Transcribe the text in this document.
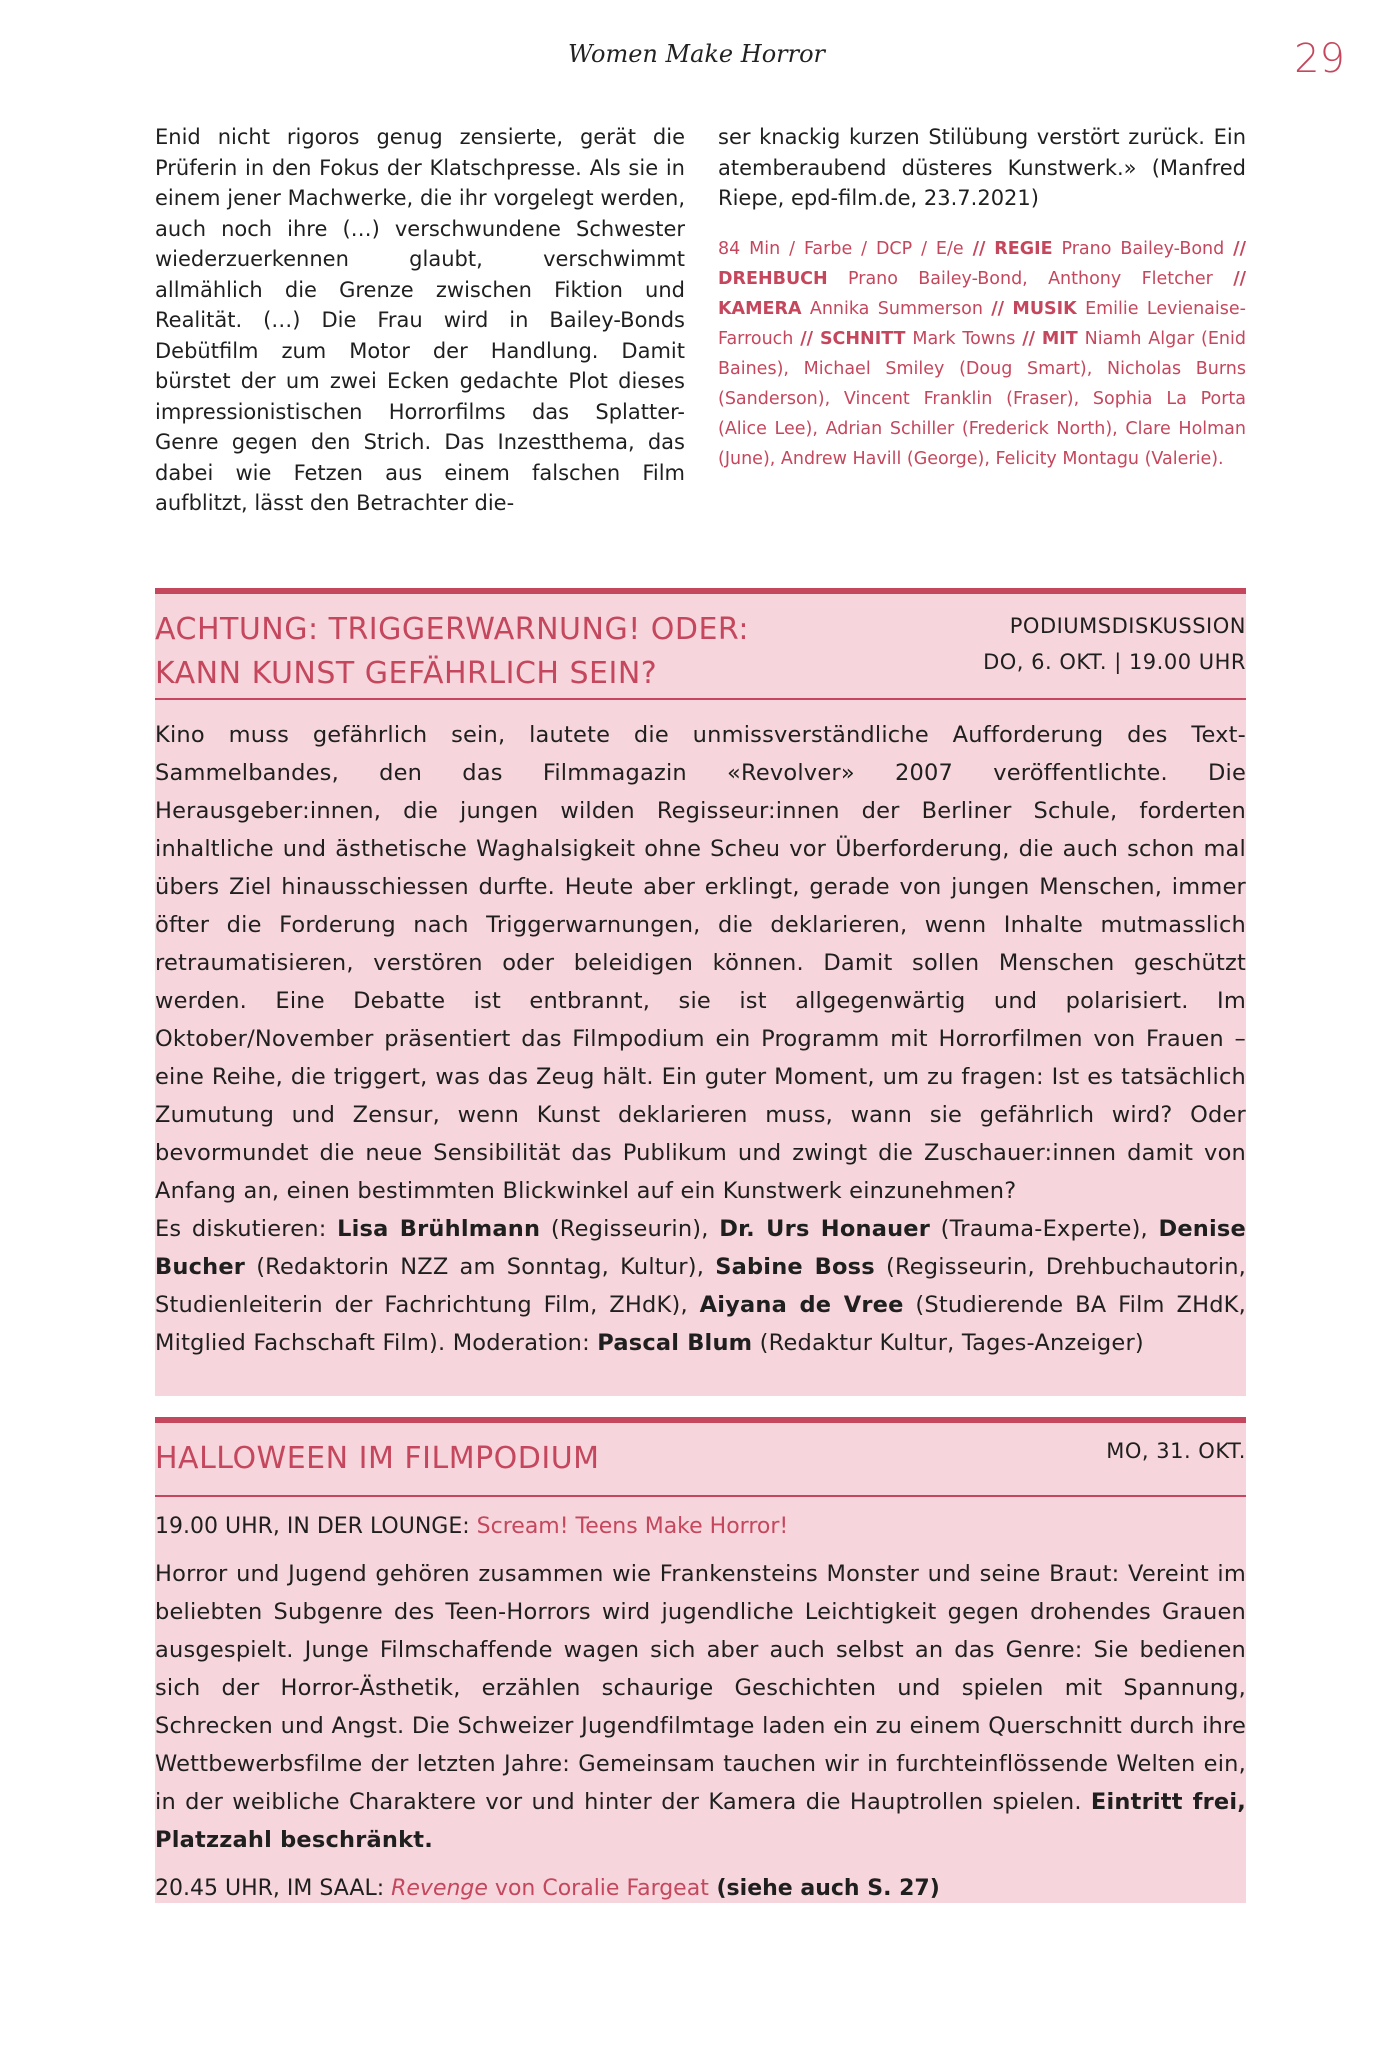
Women Make Horror	29
Enid nicht rigoros genug zensierte, gerät die Prüferin in den Fokus der Klatschpresse. Als sie in einem jener Machwerke, die ihr vorgelegt werden, auch noch ihre (…) verschwundene Schwester wiederzuerkennen glaubt, verschwimmt allmählich die Grenze zwischen Fiktion und Realität. (…) Die Frau wird in Bailey-Bonds Debütfilm zum Motor der Handlung. Damit bürstet der um zwei Ecken gedachte Plot dieses impressionistischen Horrorfilms das Splatter-Genre gegen den Strich. Das Inzestthema, das dabei wie Fetzen aus einem falschen Film aufblitzt, lässt den Betrachter die-
ser knackig kurzen Stilübung verstört zurück. Ein atemberaubend düsteres Kunstwerk.» (Manfred Riepe, epd-film.de, 23.7.2021)
84 Min / Farbe / DCP / E/e // REGIE Prano Bailey-Bond // DREHBUCH Prano Bailey-Bond, Anthony Fletcher // KAMERA Annika Summerson // MUSIK Emilie Levienaise-Farrouch // SCHNITT Mark Towns // MIT Niamh Algar (Enid Baines), Michael Smiley (Doug Smart), Nicholas Burns (Sanderson), Vincent Franklin (Fraser), Sophia La Porta (Alice Lee), Adrian Schiller (Frederick North), Clare Holman (June), Andrew Havill (George), Felicity Montagu (Valerie).
ACHTUNG: TRIGGERWARNUNG! ODER:
KANN KUNST GEFÄHRLICH SEIN?
PODIUMSDISKUSSION
DO, 6. OKT. | 19.00 UHR
Kino muss gefährlich sein, lautete die unmissverständliche Aufforderung des Text-Sammelbandes, den das Filmmagazin «Revolver» 2007 veröffentlichte. Die Herausgeber:innen, die jungen wilden Regisseur:innen der Berliner Schule, forderten inhaltliche und ästhetische Waghalsigkeit ohne Scheu vor Überforderung, die auch schon mal übers Ziel hinausschiessen durfte. Heute aber erklingt, gerade von jungen Menschen, immer öfter die Forderung nach Triggerwarnungen, die deklarieren, wenn Inhalte mutmasslich retraumatisieren, verstören oder beleidigen können. Damit sollen Menschen geschützt werden. Eine Debatte ist entbrannt, sie ist allgegenwärtig und polarisiert. Im Oktober/November präsentiert das Filmpodium ein Programm mit Horrorfilmen von Frauen – eine Reihe, die triggert, was das Zeug hält. Ein guter Moment, um zu fragen: Ist es tatsächlich Zumutung und Zensur, wenn Kunst deklarieren muss, wann sie gefährlich wird? Oder bevormundet die neue Sensibilität das Publikum und zwingt die Zuschauer:innen damit von Anfang an, einen bestimmten Blickwinkel auf ein Kunstwerk einzunehmen?
Es diskutieren: Lisa Brühlmann (Regisseurin), Dr. Urs Honauer (Trauma-Experte), Denise Bucher (Redaktorin NZZ am Sonntag, Kultur), Sabine Boss (Regisseurin, Drehbuchautorin, Studienleiterin der Fachrichtung Film, ZHdK), Aiyana de Vree (Studierende BA Film ZHdK, Mitglied Fachschaft Film). Moderation: Pascal Blum (Redaktur Kultur, Tages-Anzeiger)
HALLOWEEN IM FILMPODIUM	MO, 31. OKT.
19.00 UHR, IN DER LOUNGE: Scream! Teens Make Horror!
Horror und Jugend gehören zusammen wie Frankensteins Monster und seine Braut: Vereint im beliebten Subgenre des Teen-Horrors wird jugendliche Leichtigkeit gegen drohendes Grauen ausgespielt. Junge Filmschaffende wagen sich aber auch selbst an das Genre: Sie bedienen sich der Horror-Ästhetik, erzählen schaurige Geschichten und spielen mit Spannung, Schrecken und Angst. Die Schweizer Jugendfilmtage laden ein zu einem Querschnitt durch ihre Wettbewerbsfilme der letzten Jahre: Gemeinsam tauchen wir in furchteinflössende Welten ein, in der weibliche Charaktere vor und hinter der Kamera die Hauptrollen spielen. Eintritt frei, Platzzahl beschränkt.
20.45 UHR, IM SAAL: Revenge von Coralie Fargeat (siehe auch S. 27)
